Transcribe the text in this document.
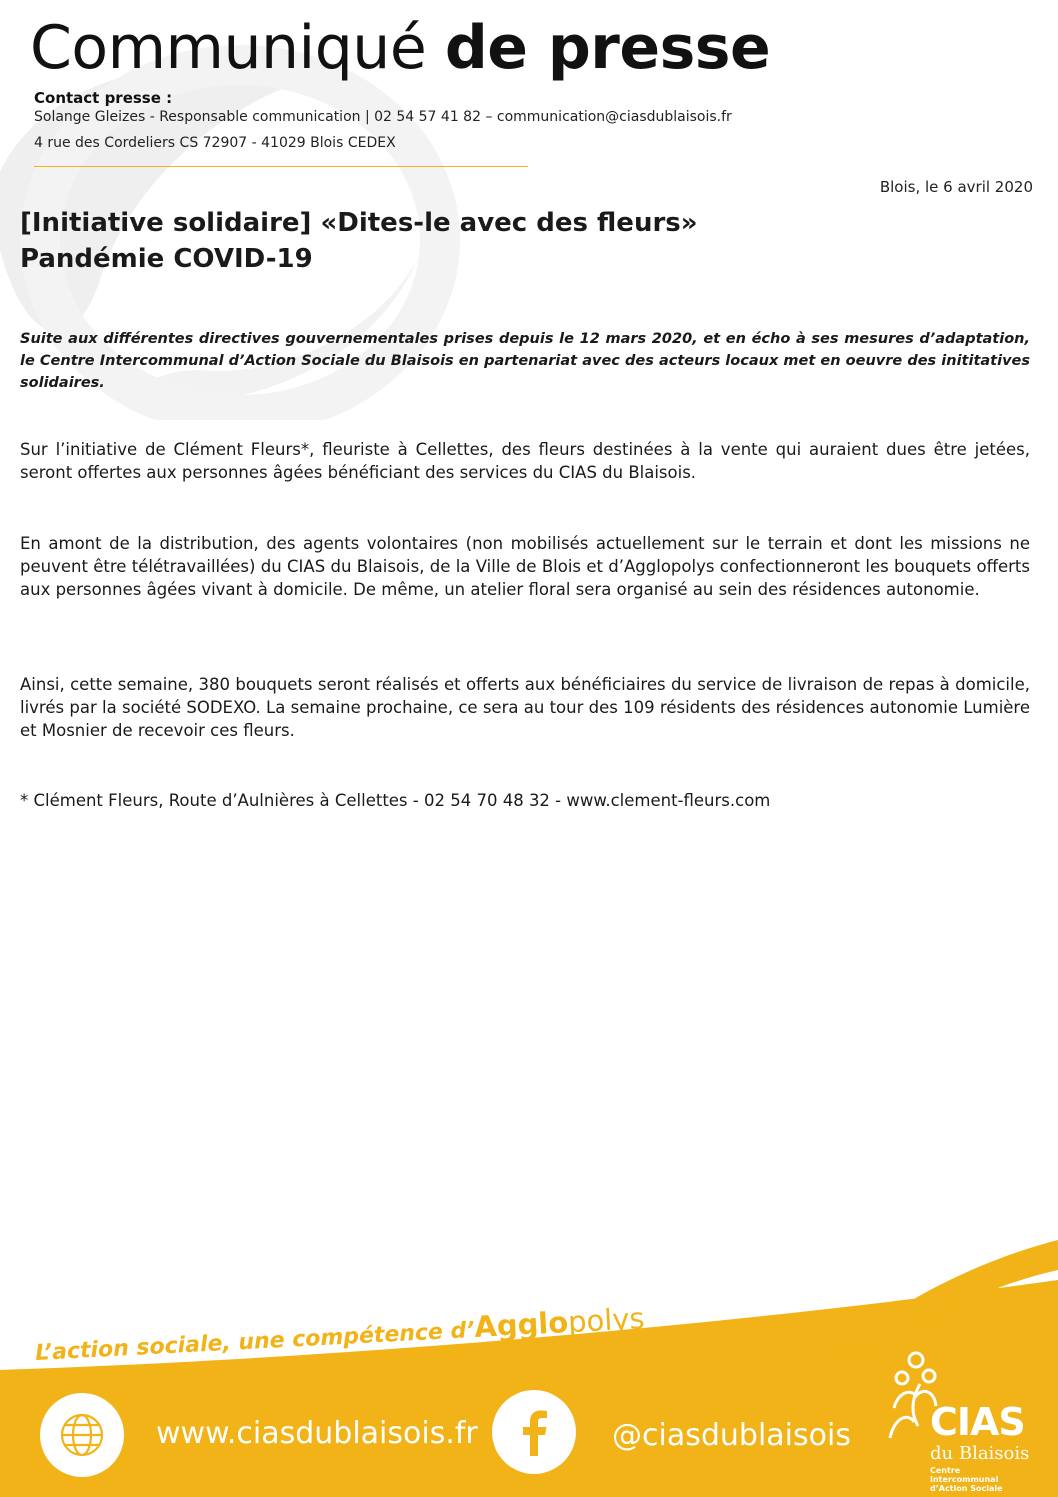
Communiqué de presse
Contact presse :
Solange Gleizes - Responsable communication | 02 54 57 41 82 – communication@ciasdublaisois.fr
4 rue des Cordeliers CS 72907 - 41029 Blois CEDEX
Blois, le 6 avril 2020
[Initiative solidaire] «Dites-le avec des fleurs»
Pandémie COVID-19

Suite aux différentes directives gouvernementales prises depuis le 12 mars 2020, et en écho à ses mesures d’adaptation, le Centre Intercommunal d’Action Sociale du Blaisois en partenariat avec des acteurs locaux met en oeuvre des inititatives solidaires.

Sur l’initiative de Clément Fleurs*, fleuriste à Cellettes, des fleurs destinées à la vente qui auraient dues être jetées, seront offertes aux personnes âgées bénéficiant des services du CIAS du Blaisois.

En amont de la distribution, des agents volontaires (non mobilisés actuellement sur le terrain et dont les missions ne peuvent être télétravaillées) du CIAS du Blaisois, de la Ville de Blois et d’Agglopolys confectionneront les bouquets offerts aux personnes âgées vivant à domicile. De même, un atelier floral sera organisé au sein des résidences autonomie.

Ainsi, cette semaine, 380 bouquets seront réalisés et offerts aux bénéficiaires du service de livraison de repas à domicile, livrés par la société SODEXO. La semaine prochaine, ce sera au tour des 109 résidents des résidences autonomie Lumière et Mosnier de recevoir ces fleurs.

* Clément Fleurs, Route d’Aulnières à Cellettes - 02 54 70 48 32 - www.clement-fleurs.com

L’action sociale, une compétence d’Agglopolys
www.ciasdublaisois.fr	@ciasdublaisois CIAS
du Blaisois
Centre Intercommunal d’Action Sociale
